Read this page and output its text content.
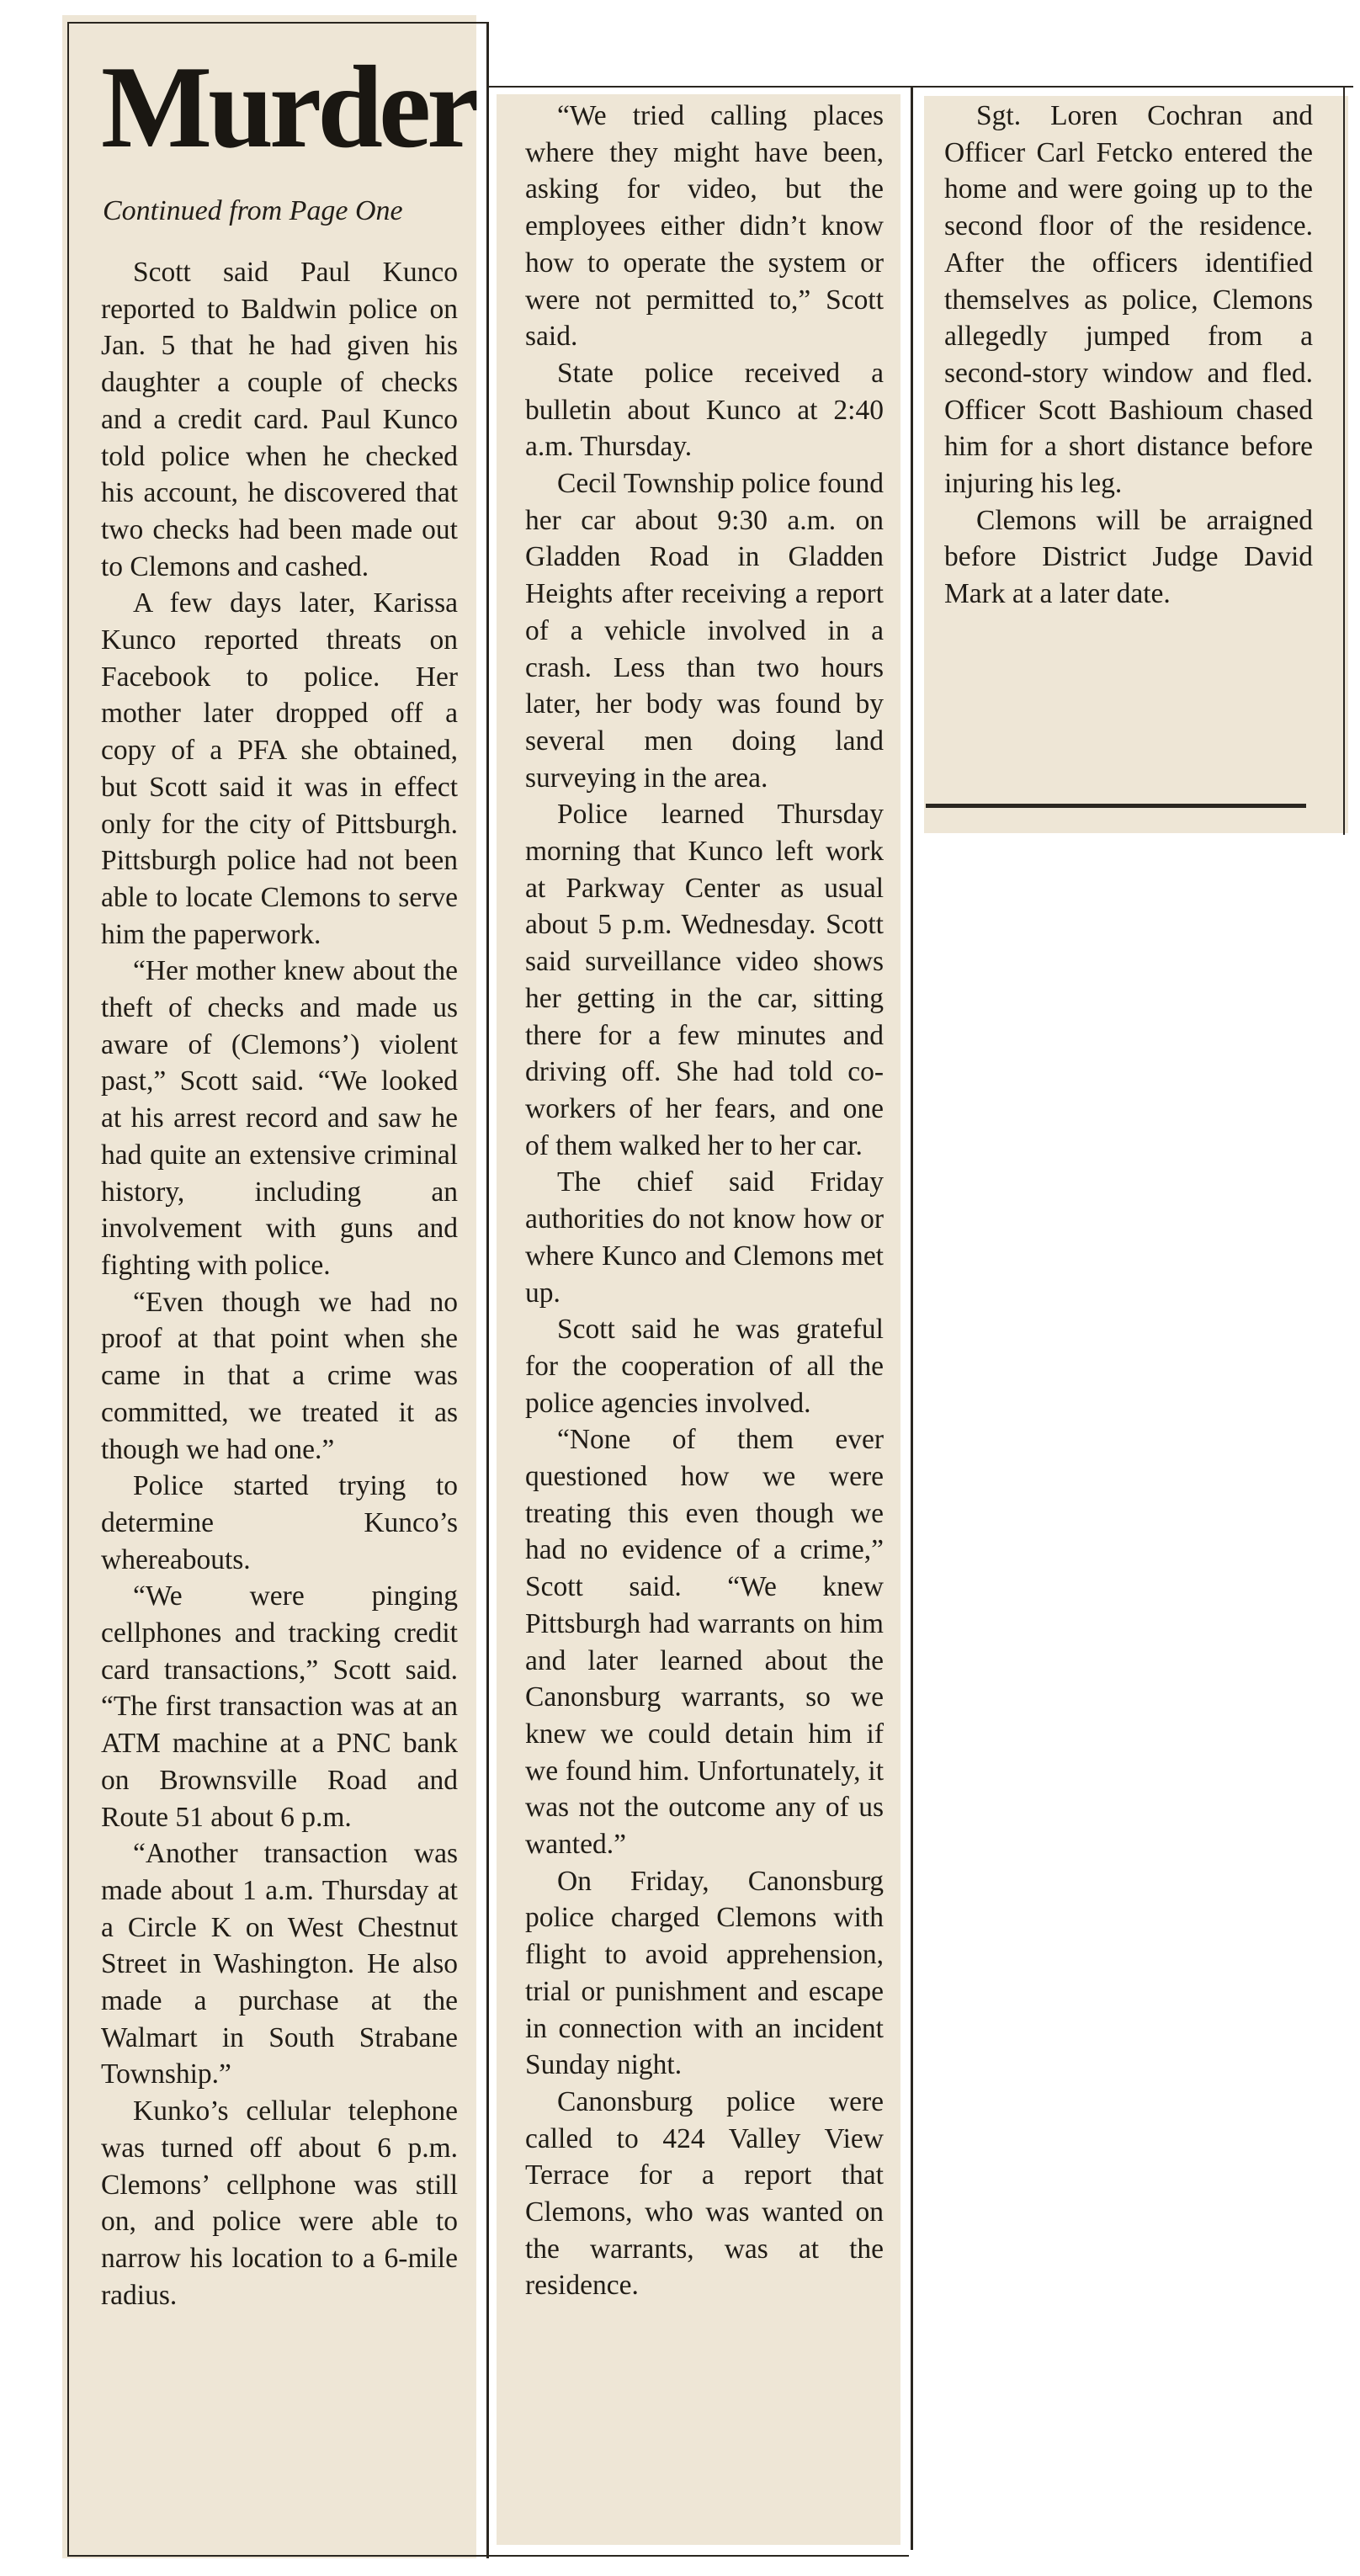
Murder
Continued from Page One

Scott said Paul Kunco reported to Baldwin police on Jan. 5 that he had given his daughter a couple of checks and a credit card. Paul Kunco told police when he checked his account, he discovered that two checks had been made out to Clemons and cashed.

A few days later, Karissa Kunco reported threats on Facebook to police. Her mother later dropped off a copy of a PFA she obtained, but Scott said it was in effect only for the city of Pittsburgh. Pittsburgh police had not been able to locate Clemons to serve him the paperwork.

“Her mother knew about the theft of checks and made us aware of (Clemons’) violent past,” Scott said. “We looked at his arrest record and saw he had quite an extensive criminal history, including an involvement with guns and fighting with police.

“Even though we had no proof at that point when she came in that a crime was committed, we treated it as though we had one.”

Police started trying to determine Kunco’s whereabouts.

“We were pinging cellphones and tracking credit card transactions,” Scott said. “The first transaction was at an ATM machine at a PNC bank on Brownsville Road and Route 51 about 6 p.m.

“Another transaction was made about 1 a.m. Thursday at a Circle K on West Chestnut Street in Washington. He also made a purchase at the Walmart in South Strabane Township.”

Kunko’s cellular telephone was turned off about 6 p.m. Clemons’ cellphone was still on, and police were able to narrow his location to a 6-mile radius.

“We tried calling places where they might have been, asking for video, but the employees either didn’t know how to operate the system or were not permitted to,” Scott said.

State police received a bulletin about Kunco at 2:40 a.m. Thursday.

Cecil Township police found her car about 9:30 a.m. on Gladden Road in Gladden Heights after receiving a report of a vehicle involved in a crash. Less than two hours later, her body was found by several men doing land surveying in the area.

Police learned Thursday morning that Kunco left work at Parkway Center as usual about 5 p.m. Wednesday. Scott said surveillance video shows her getting in the car, sitting there for a few minutes and driving off. She had told co-workers of her fears, and one of them walked her to her car.

The chief said Friday authorities do not know how or where Kunco and Clemons met up.

Scott said he was grateful for the cooperation of all the police agencies involved.

“None of them ever questioned how we were treating this even though we had no evidence of a crime,” Scott said. “We knew Pittsburgh had warrants on him and later learned about the Canonsburg warrants, so we knew we could detain him if we found him. Unfortunately, it was not the outcome any of us wanted.”

On Friday, Canonsburg police charged Clemons with flight to avoid apprehension, trial or punishment and escape in connection with an incident Sunday night.

Canonsburg police were called to 424 Valley View Terrace for a report that Clemons, who was wanted on the warrants, was at the residence.

Sgt. Loren Cochran and Officer Carl Fetcko entered the home and were going up to the second floor of the residence. After the officers identified themselves as police, Clemons allegedly jumped from a second-story window and fled. Officer Scott Bashioum chased him for a short distance before injuring his leg.

Clemons will be arraigned before District Judge David Mark at a later date.
